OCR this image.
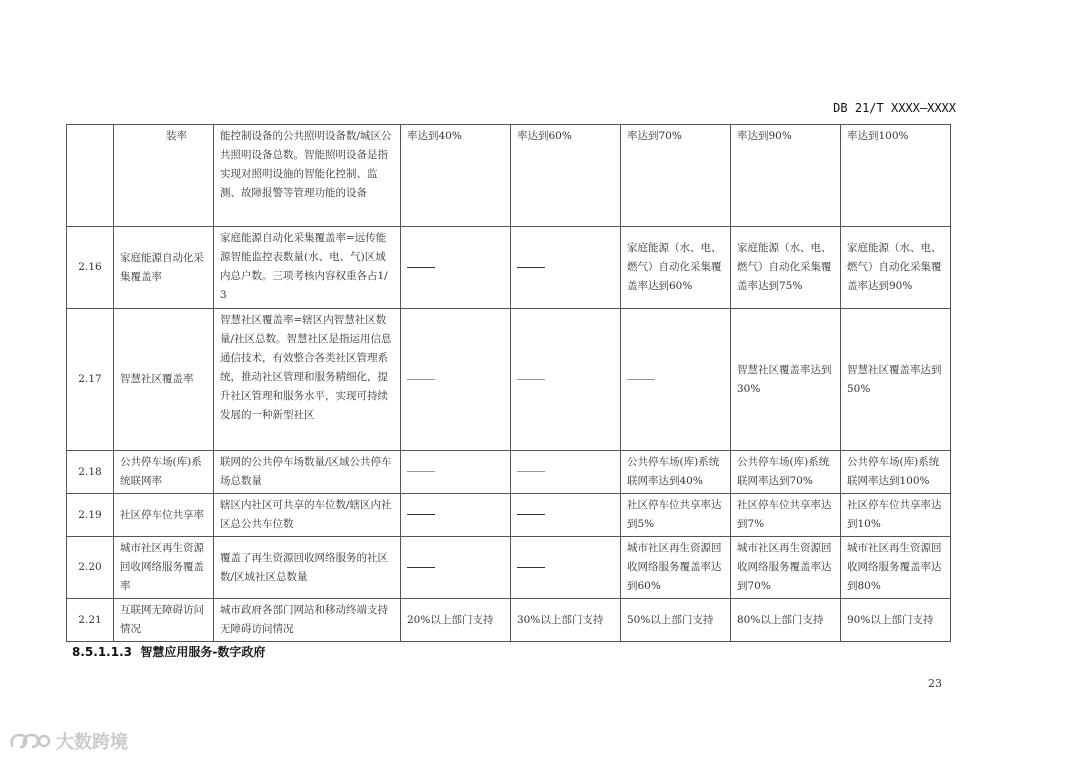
DB 21/T XXXX—XXXX
	装率	能控制设备的公共照明设备数/城区公共照明设备总数。智能照明设备是指实现对照明设施的智能化控制、监测、故障报警等管理功能的设备	率达到40%	率达到60%	率达到70%	率达到90%	率达到100%
2.16	家庭能源自动化采集覆盖率	家庭能源自动化采集覆盖率=远传能源智能监控表数量(水、电、气)区域内总户数。三项考核内容权重各占1/3			家庭能源（水、电、燃气）自动化采集覆盖率达到60%	家庭能源（水、电、燃气）自动化采集覆盖率达到75%	家庭能源（水、电、燃气）自动化采集覆盖率达到90%
2.17	智慧社区覆盖率	智慧社区覆盖率=辖区内智慧社区数量/社区总数。智慧社区是指运用信息通信技术，有效整合各类社区管理系统，推动社区管理和服务精细化，提升社区管理和服务水平，实现可持续发展的一种新型社区				智慧社区覆盖率达到30%	智慧社区覆盖率达到50%
2.18	公共停车场(库)系统联网率	联网的公共停车场数量/区域公共停车场总数量			公共停车场(库)系统联网率达到40%	公共停车场(库)系统联网率达到70%	公共停车场(库)系统联网率达到100%
2.19	社区停车位共享率	辖区内社区可共享的车位数/辖区内社区总公共车位数			社区停车位共享率达到5%	社区停车位共享率达到7%	社区停车位共享率达到10%
2.20	城市社区再生资源回收网络服务覆盖率	覆盖了再生资源回收网络服务的社区数/区域社区总数量			城市社区再生资源回收网络服务覆盖率达到60%	城市社区再生资源回收网络服务覆盖率达到70%	城市社区再生资源回收网络服务覆盖率达到80%
2.21	互联网无障碍访问情况	城市政府各部门网站和移动终端支持无障碍访问情况	20%以上部门支持	30%以上部门支持	50%以上部门支持	80%以上部门支持	90%以上部门支持
8.5.1.1.3  智慧应用服务-数字政府
23
大数跨境
